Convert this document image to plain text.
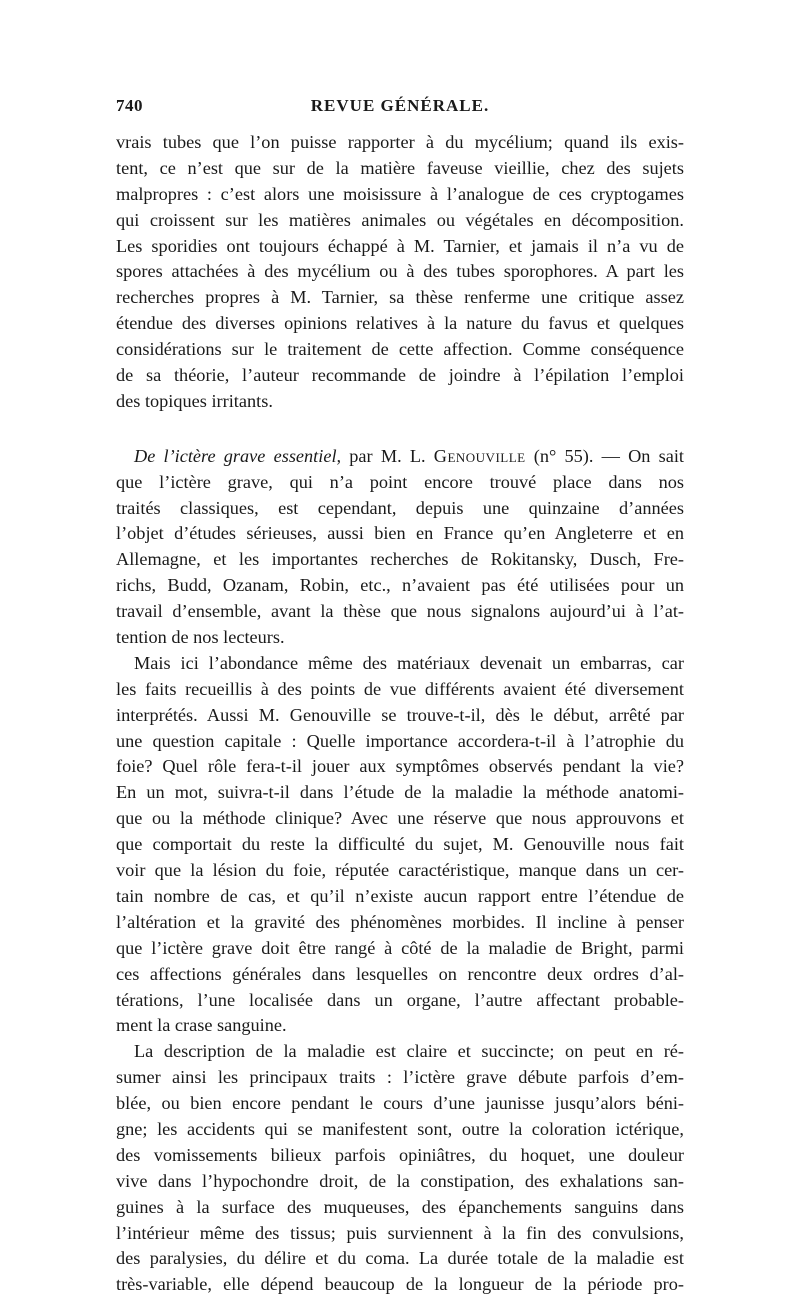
740	REVUE GÉNÉRALE.
vrais tubes que l’on puisse rapporter à du mycélium; quand ils exis-
tent, ce n’est que sur de la matière faveuse vieillie, chez des sujets
malpropres : c’est alors une moisissure à l’analogue de ces cryptogames
qui croissent sur les matières animales ou végétales en décomposition.
Les sporidies ont toujours échappé à M. Tarnier, et jamais il n’a vu de
spores attachées à des mycélium ou à des tubes sporophores. A part les
recherches propres à M. Tarnier, sa thèse renferme une critique assez
étendue des diverses opinions relatives à la nature du favus et quelques
considérations sur le traitement de cette affection. Comme conséquence
de sa théorie, l’auteur recommande de joindre à l’épilation l’emploi
des topiques irritants.
De l’ictère grave essentiel, par M. L. Genouville (n° 55). — On sait
que l’ictère grave, qui n’a point encore trouvé place dans nos
traités classiques, est cependant, depuis une quinzaine d’années
l’objet d’études sérieuses, aussi bien en France qu’en Angleterre et en
Allemagne, et les importantes recherches de Rokitansky, Dusch, Fre-
richs, Budd, Ozanam, Robin, etc., n’avaient pas été utilisées pour un
travail d’ensemble, avant la thèse que nous signalons aujourd’ui à l’at-
tention de nos lecteurs.
Mais ici l’abondance même des matériaux devenait un embarras, car
les faits recueillis à des points de vue différents avaient été diversement
interprétés. Aussi M. Genouville se trouve-t-il, dès le début, arrêté par
une question capitale : Quelle importance accordera-t-il à l’atrophie du
foie? Quel rôle fera-t-il jouer aux symptômes observés pendant la vie?
En un mot, suivra-t-il dans l’étude de la maladie la méthode anatomi-
que ou la méthode clinique? Avec une réserve que nous approuvons et
que comportait du reste la difficulté du sujet, M. Genouville nous fait
voir que la lésion du foie, réputée caractéristique, manque dans un cer-
tain nombre de cas, et qu’il n’existe aucun rapport entre l’étendue de
l’altération et la gravité des phénomènes morbides. Il incline à penser
que l’ictère grave doit être rangé à côté de la maladie de Bright, parmi
ces affections générales dans lesquelles on rencontre deux ordres d’al-
térations, l’une localisée dans un organe, l’autre affectant probable-
ment la crase sanguine.
La description de la maladie est claire et succincte; on peut en ré-
sumer ainsi les principaux traits : l’ictère grave débute parfois d’em-
blée, ou bien encore pendant le cours d’une jaunisse jusqu’alors béni-
gne; les accidents qui se manifestent sont, outre la coloration ictérique,
des vomissements bilieux parfois opiniâtres, du hoquet, une douleur
vive dans l’hypochondre droit, de la constipation, des exhalations san-
guines à la surface des muqueuses, des épanchements sanguins dans
l’intérieur même des tissus; puis surviennent à la fin des convulsions,
des paralysies, du délire et du coma. La durée totale de la maladie est
très-variable, elle dépend beaucoup de la longueur de la période pro-
